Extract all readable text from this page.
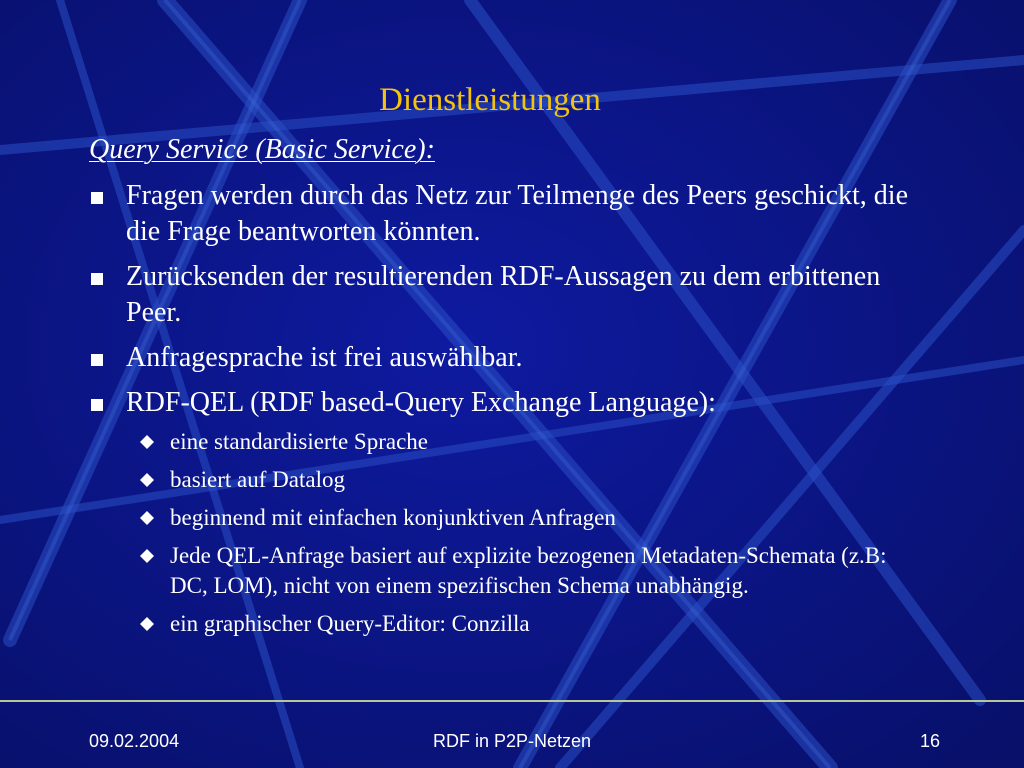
Dienstleistungen
Query Service (Basic Service):
Fragen werden durch das Netz zur Teilmenge des Peers geschickt, die die Frage beantworten könnten.
Zurücksenden der resultierenden RDF-Aussagen zu dem erbittenen Peer.
Anfragesprache ist frei auswählbar.
RDF-QEL (RDF based-Query Exchange Language):
eine standardisierte Sprache
basiert auf Datalog
beginnend mit einfachen konjunktiven Anfragen
Jede QEL-Anfrage basiert auf explizite bezogenen Metadaten-Schemata (z.B: DC, LOM), nicht von einem spezifischen Schema unabhängig.
ein graphischer Query-Editor: Conzilla
09.02.2004	RDF in P2P-Netzen	16
